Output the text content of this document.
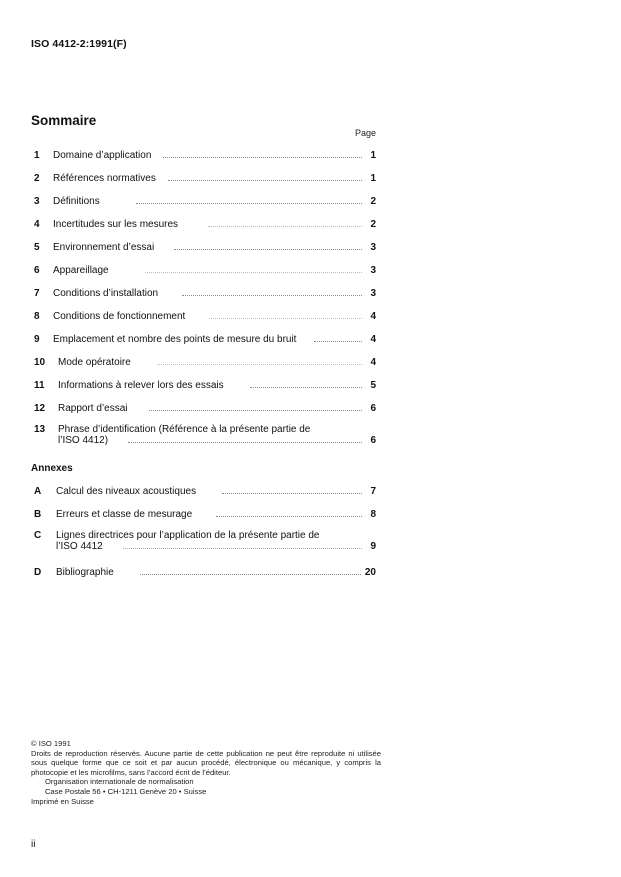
ISO 4412-2:1991(F)
Sommaire
Page
1	Domaine d’application	1
2	Références normatives	1
3	Définitions	2
4	Incertitudes sur les mesures	2
5	Environnement d’essai	3
6	Appareillage	3
7	Conditions d’installation	3
8	Conditions de fonctionnement	4
9	Emplacement et nombre des points de mesure du bruit	4
10	Mode opératoire	4
11	Informations à relever lors des essais	5
12	Rapport d’essai	6
13	Phrase d’identification (Référence à la présente partie de
l’ISO 4412)	6
Annexes
A	Calcul des niveaux acoustiques	7
B	Erreurs et classe de mesurage	8
C	Lignes directrices pour l’application de la présente partie de
l’ISO 4412	9
D	Bibliographie	20
© ISO 1991
Droits de reproduction réservés. Aucune partie de cette publication ne peut être reproduite ni utilisée sous quelque forme que ce soit et par aucun procédé, électronique ou mécanique, y compris la photocopie et les microfilms, sans l’accord écrit de l’éditeur.
Organisation internationale de normalisation
Case Postale 56 • CH-1211 Genève 20 • Suisse
Imprimé en Suisse
ii
